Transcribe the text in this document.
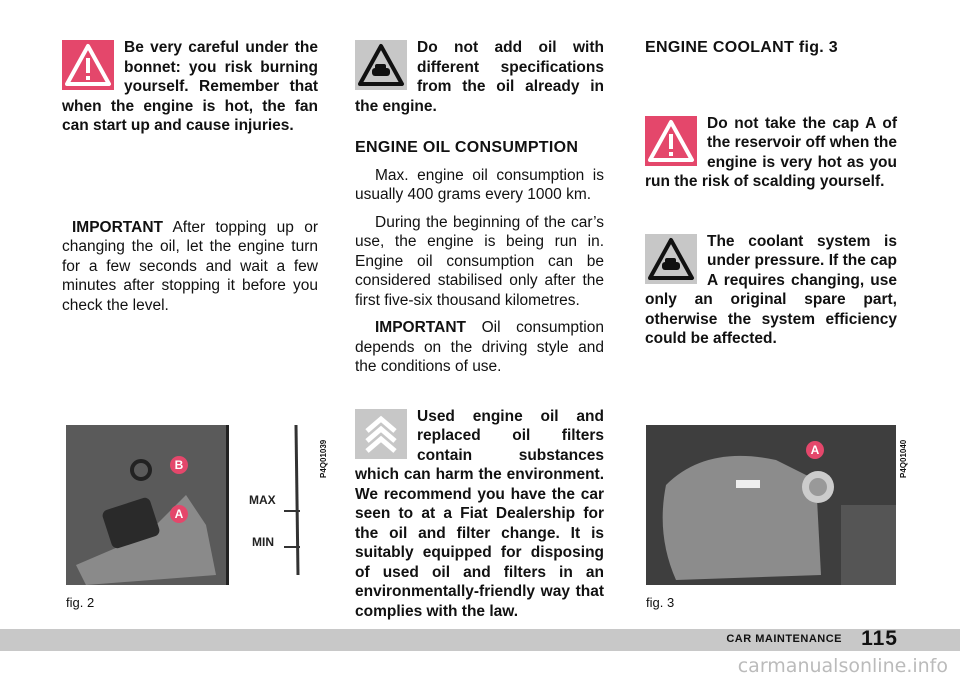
Be very careful under the bonnet: you risk burning yourself. Remember that when the engine is hot, the fan can start up and cause injuries.
IMPORTANT After topping up or changing the oil, let the engine turn for a few seconds and wait a few minutes after stopping it before you check the level.
B
A
MAX
MIN
P4Q01039
fig. 2
Do not add oil with different specifications from the oil already in the engine.
ENGINE OIL CONSUMPTION

Max. engine oil consumption is usually 400 grams every 1000 km.

During the beginning of the car’s use, the engine is being run in. Engine oil consumption can be considered stabilised only after the first five-six thousand kilometres.

IMPORTANT Oil consumption depends on the driving style and the conditions of use.

Used engine oil and replaced oil filters contain substances which can harm the environment. We recommend you have the car seen to at a Fiat Dealership for the oil and filter change. It is suitably equipped for disposing of used oil and filters in an environmentally-friendly way that complies with the law.
ENGINE COOLANT fig. 3
Do not take the cap A of the reservoir off when the engine is very hot as you run the risk of scalding yourself.
The coolant system is under pressure. If the cap A requires changing, use only an original spare part, otherwise the system efficiency could be affected.
A	P4Q01040
fig. 3
CAR MAINTENANCE 115
carmanualsonline.info
